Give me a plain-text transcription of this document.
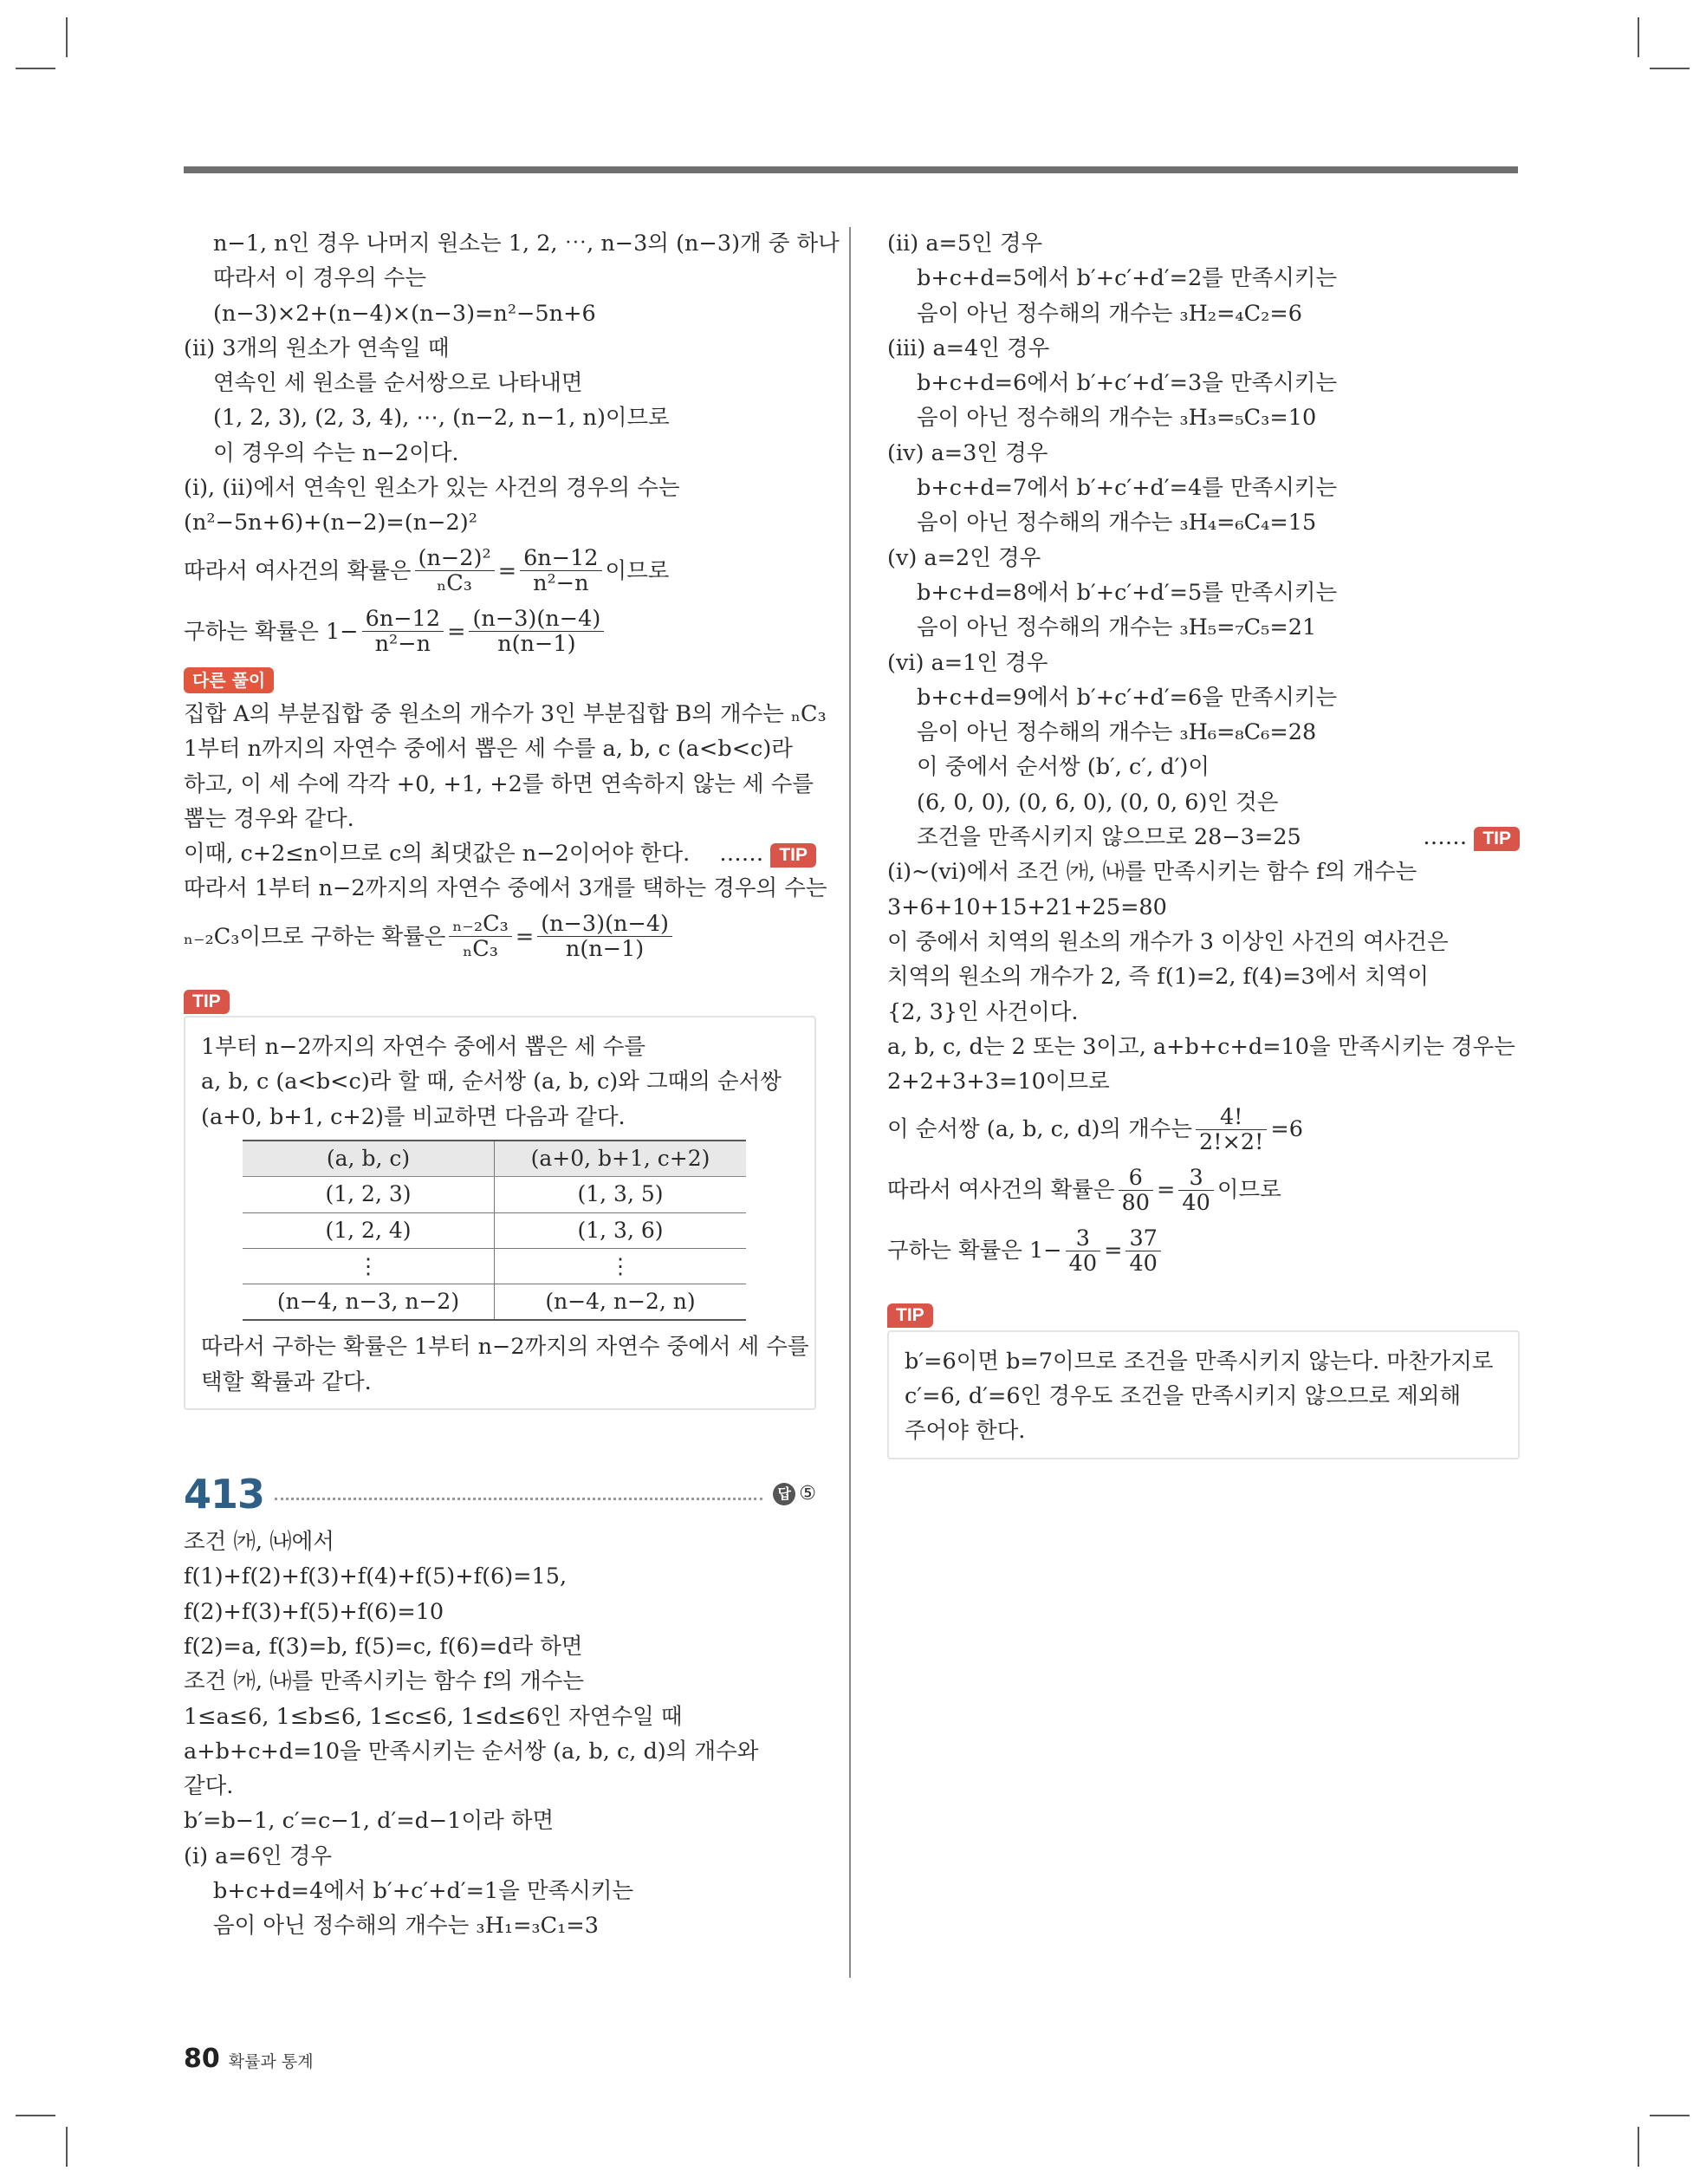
n−1, n인 경우 나머지 원소는 1, 2, ⋯, n−3의 (n−3)개 중 하나
따라서 이 경우의 수는
(n−3)×2+(n−4)×(n−3)=n²−5n+6
(ii) 3개의 원소가 연속일 때
연속인 세 원소를 순서쌍으로 나타내면
(1, 2, 3), (2, 3, 4), ⋯, (n−2, n−1, n)이므로
이 경우의 수는 n−2이다.
(i), (ii)에서 연속인 원소가 있는 사건의 경우의 수는
(n²−5n+6)+(n−2)=(n−2)²
따라서 여사건의 확률은 $\frac{\text{(n−2)²}}{\text{ₙC₃}} = \frac{6n-12}{\text{n²−n}}$ 이므로
구하는 확률은 $1- \frac{6n-12}{\text{n²−n}} = \frac{(n-3)(n-4)}{n(n-1)}$
다른 풀이
집합 A의 부분집합 중 원소의 개수가 3인 부분집합 B의 개수는 ₙC₃
1부터 n까지의 자연수 중에서 뽑은 세 수를 a, b, c (a<b<c)라
하고, 이 세 수에 각각 +0, +1, +2를 하면 연속하지 않는 세 수를
뽑는 경우와 같다.
이때, c+2≤n이므로 c의 최댓값은 n−2이어야 한다. …… TIP
따라서 1부터 n−2까지의 자연수 중에서 3개를 택하는 경우의 수는
ₙ₋₂C₃이므로 구하는 확률은 $\frac{\text{ₙ₋₂C₃}}{\text{ₙC₃}} = \frac{(n-3)(n-4)}{n(n-1)}$
TIP
1부터 n−2까지의 자연수 중에서 뽑은 세 수를
a, b, c (a<b<c)라 할 때, 순서쌍 (a, b, c)와 그때의 순서쌍
(a+0, b+1, c+2)를 비교하면 다음과 같다.
(a, b, c)	(a+0, b+1, c+2)
(1, 2, 3)	(1, 3, 5)
(1, 2, 4)	(1, 3, 6)
⋮	⋮
(n−4, n−3, n−2)	(n−4, n−2, n)
따라서 구하는 확률은 1부터 n−2까지의 자연수 중에서 세 수를
택할 확률과 같다.
413	답 ⑤
조건 ㈎, ㈏에서
f(1)+f(2)+f(3)+f(4)+f(5)+f(6)=15,
f(2)+f(3)+f(5)+f(6)=10
f(2)=a, f(3)=b, f(5)=c, f(6)=d라 하면
조건 ㈎, ㈏를 만족시키는 함수 f의 개수는
1≤a≤6, 1≤b≤6, 1≤c≤6, 1≤d≤6인 자연수일 때
a+b+c+d=10을 만족시키는 순서쌍 (a, b, c, d)의 개수와
같다.
b′=b−1, c′=c−1, d′=d−1이라 하면
(i) a=6인 경우
b+c+d=4에서 b′+c′+d′=1을 만족시키는
음이 아닌 정수해의 개수는 ₃H₁=₃C₁=3
(ii) a=5인 경우
b+c+d=5에서 b′+c′+d′=2를 만족시키는
음이 아닌 정수해의 개수는 ₃H₂=₄C₂=6
(iii) a=4인 경우
b+c+d=6에서 b′+c′+d′=3을 만족시키는
음이 아닌 정수해의 개수는 ₃H₃=₅C₃=10
(iv) a=3인 경우
b+c+d=7에서 b′+c′+d′=4를 만족시키는
음이 아닌 정수해의 개수는 ₃H₄=₆C₄=15
(v) a=2인 경우
b+c+d=8에서 b′+c′+d′=5를 만족시키는
음이 아닌 정수해의 개수는 ₃H₅=₇C₅=21
(vi) a=1인 경우
b+c+d=9에서 b′+c′+d′=6을 만족시키는
음이 아닌 정수해의 개수는 ₃H₆=₈C₆=28
이 중에서 순서쌍 (b′, c′, d′)이
(6, 0, 0), (0, 6, 0), (0, 0, 6)인 것은
조건을 만족시키지 않으므로 28−3=25	…… TIP
(i)~(vi)에서 조건 ㈎, ㈏를 만족시키는 함수 f의 개수는
3+6+10+15+21+25=80
이 중에서 치역의 원소의 개수가 3 이상인 사건의 여사건은
치역의 원소의 개수가 2, 즉 f(1)=2, f(4)=3에서 치역이
{2, 3}인 사건이다.
a, b, c, d는 2 또는 3이고, a+b+c+d=10을 만족시키는 경우는
2+2+3+3=10이므로
이 순서쌍 (a, b, c, d)의 개수는 $\frac{4!}{2!\times 2!} =6$
따라서 여사건의 확률은 $\frac{6}{80} = \frac{3}{40}$ 이므로
구하는 확률은 $1- \frac{3}{40} = \frac{37}{40}$
TIP
b′=6이면 b=7이므로 조건을 만족시키지 않는다. 마찬가지로
c′=6, d′=6인 경우도 조건을 만족시키지 않으므로 제외해
주어야 한다.
80 확률과 통계
